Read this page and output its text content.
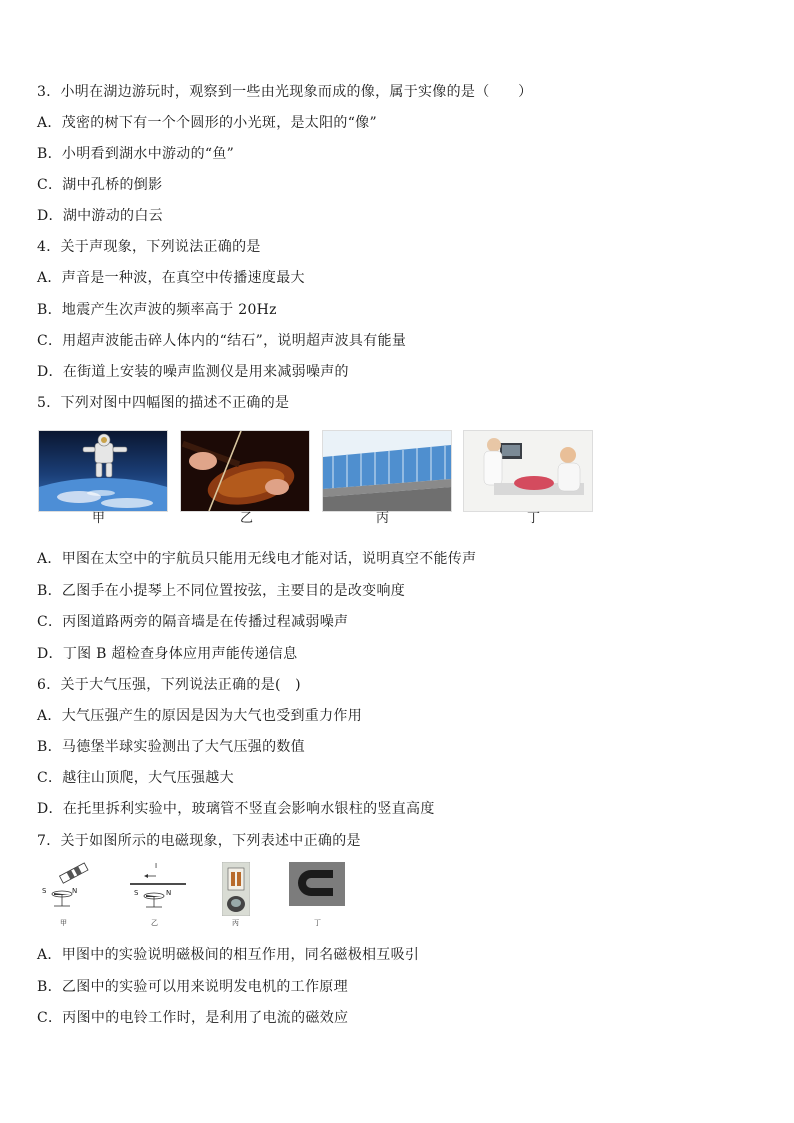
3．小明在湖边游玩时，观察到一些由光现象而成的像，属于实像的是（　　）
A．茂密的树下有一个个圆形的小光斑，是太阳的“像”
B．小明看到湖水中游动的“鱼”
C．湖中孔桥的倒影
D．湖中游动的白云
4．关于声现象，下列说法正确的是
A．声音是一种波，在真空中传播速度最大
B．地震产生次声波的频率高于 20Hz
C．用超声波能击碎人体内的“结石”，说明超声波具有能量
D．在街道上安装的噪声监测仪是用来减弱噪声的
5．下列对图中四幅图的描述不正确的是
甲	乙	丙	丁
A．甲图在太空中的宇航员只能用无线电才能对话，说明真空不能传声
B．乙图手在小提琴上不同位置按弦，主要目的是改变响度
C．丙图道路两旁的隔音墙是在传播过程减弱噪声
D．丁图 B 超检查身体应用声能传递信息
6．关于大气压强，下列说法正确的是(　)
A．大气压强产生的原因是因为大气也受到重力作用
B．马德堡半球实验测出了大气压强的数值
C．越往山顶爬，大气压强越大
D．在托里拆利实验中，玻璃管不竖直会影响水银柱的竖直高度
7．关于如图所示的电磁现象，下列表述中正确的是
S	N
甲
I
S	N
乙	丙	丁
A．甲图中的实验说明磁极间的相互作用，同名磁极相互吸引
B．乙图中的实验可以用来说明发电机的工作原理
C．丙图中的电铃工作时，是利用了电流的磁效应
